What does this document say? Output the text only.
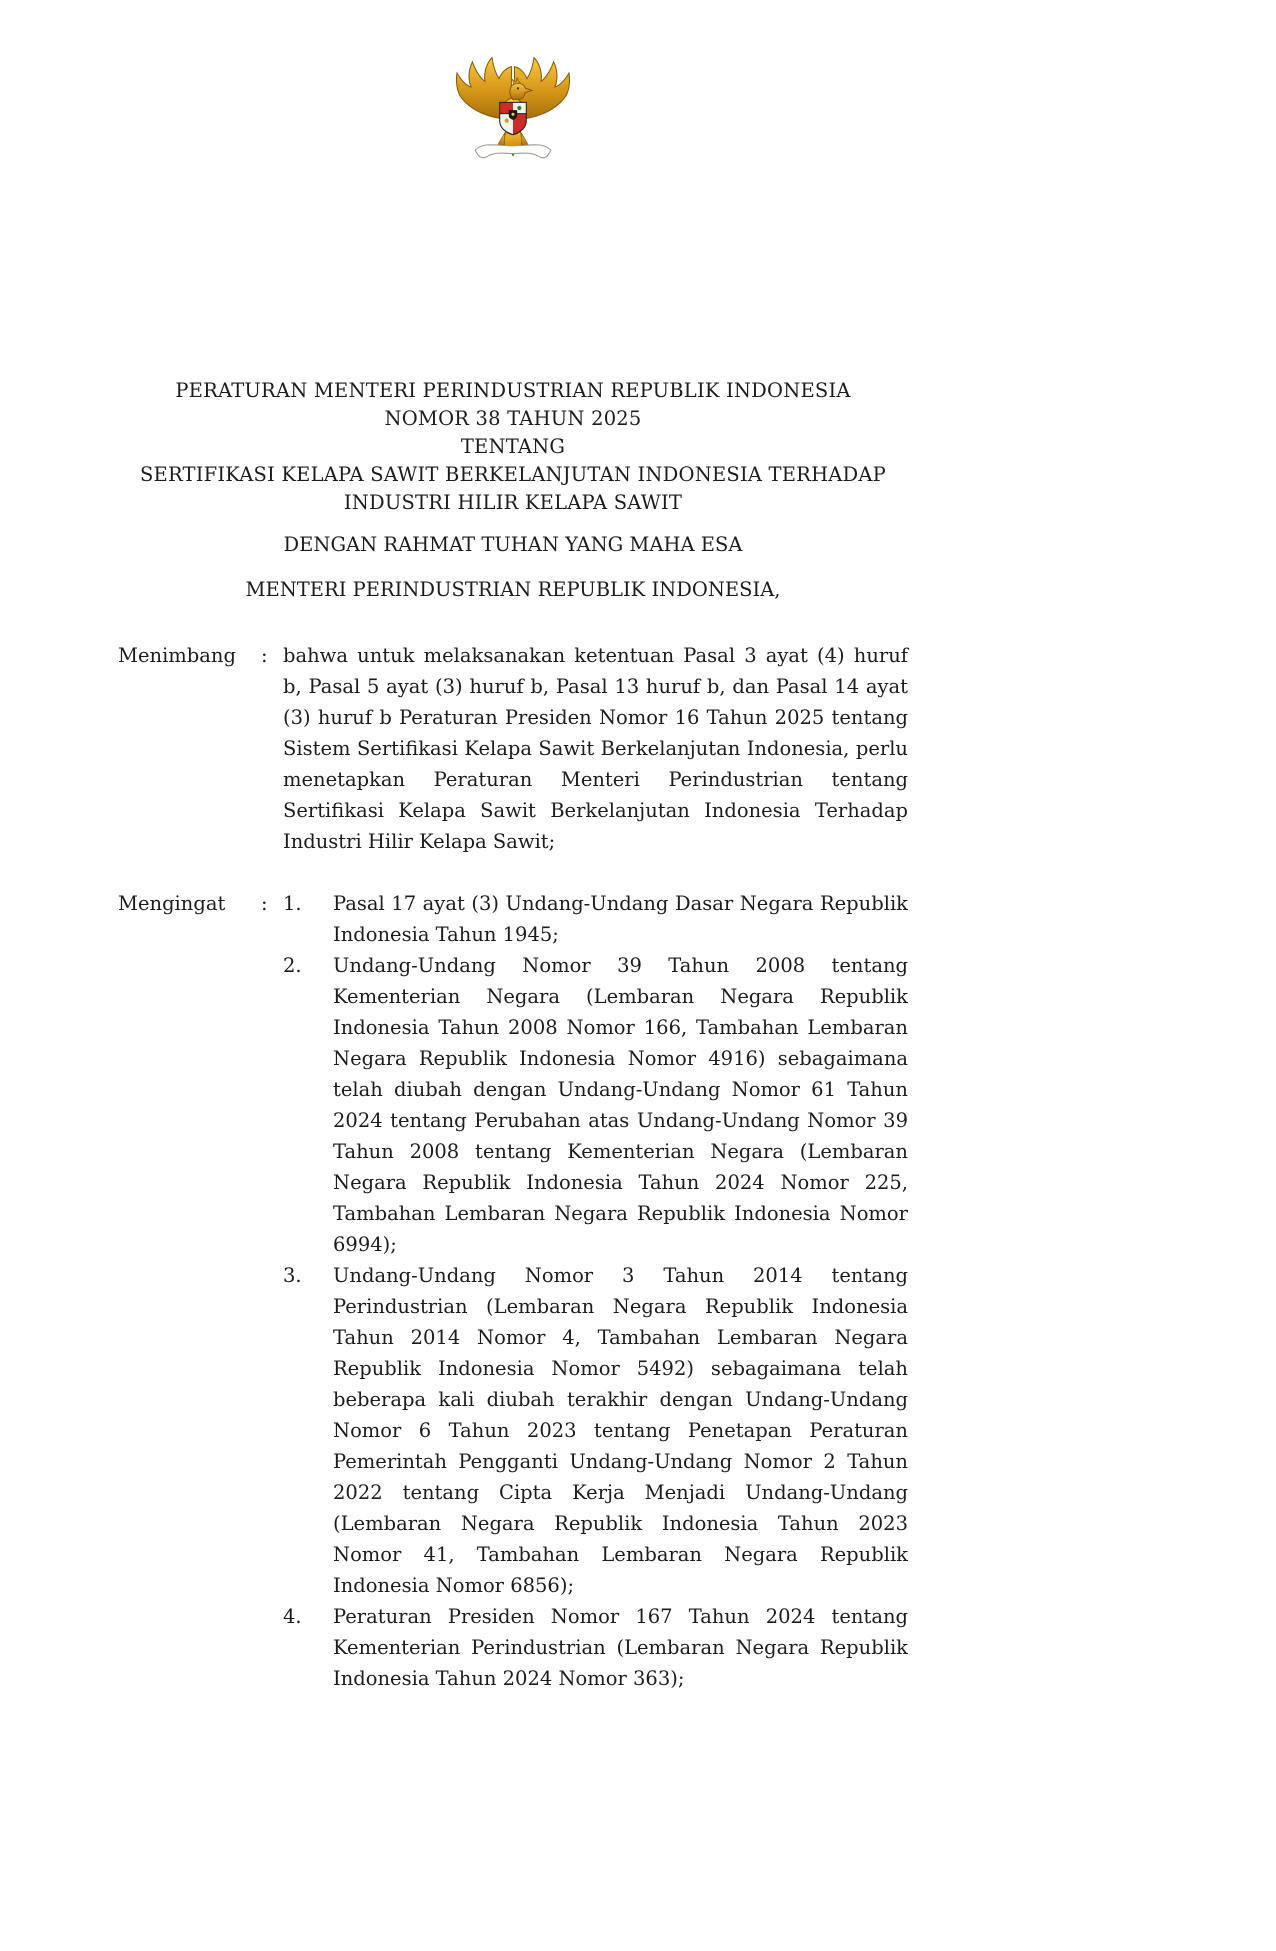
PERATURAN MENTERI PERINDUSTRIAN REPUBLIK INDONESIA
NOMOR 38 TAHUN 2025
TENTANG
SERTIFIKASI KELAPA SAWIT BERKELANJUTAN INDONESIA TERHADAP
INDUSTRI HILIR KELAPA SAWIT
DENGAN RAHMAT TUHAN YANG MAHA ESA
MENTERI PERINDUSTRIAN REPUBLIK INDONESIA,
Menimbang	: bahwa untuk melaksanakan ketentuan Pasal 3 ayat (4) huruf b, Pasal 5 ayat (3) huruf b, Pasal 13 huruf b, dan Pasal 14 ayat (3) huruf b Peraturan Presiden Nomor 16 Tahun 2025 tentang Sistem Sertifikasi Kelapa Sawit Berkelanjutan Indonesia, perlu menetapkan Peraturan Menteri Perindustrian tentang Sertifikasi Kelapa Sawit Berkelanjutan Indonesia Terhadap Industri Hilir Kelapa Sawit;
Mengingat	: 1.	Pasal 17 ayat (3) Undang-Undang Dasar Negara Republik Indonesia Tahun 1945;
2.	Undang-Undang Nomor 39 Tahun 2008 tentang Kementerian Negara (Lembaran Negara Republik Indonesia Tahun 2008 Nomor 166, Tambahan Lembaran Negara Republik Indonesia Nomor 4916) sebagaimana telah diubah dengan Undang-Undang Nomor 61 Tahun 2024 tentang Perubahan atas Undang-Undang Nomor 39 Tahun 2008 tentang Kementerian Negara (Lembaran Negara Republik Indonesia Tahun 2024 Nomor 225, Tambahan Lembaran Negara Republik Indonesia Nomor 6994);
3.	Undang-Undang Nomor 3 Tahun 2014 tentang Perindustrian (Lembaran Negara Republik Indonesia Tahun 2014 Nomor 4, Tambahan Lembaran Negara Republik Indonesia Nomor 5492) sebagaimana telah beberapa kali diubah terakhir dengan Undang-Undang Nomor 6 Tahun 2023 tentang Penetapan Peraturan Pemerintah Pengganti Undang-Undang Nomor 2 Tahun 2022 tentang Cipta Kerja Menjadi Undang-Undang (Lembaran Negara Republik Indonesia Tahun 2023 Nomor 41, Tambahan Lembaran Negara Republik Indonesia Nomor 6856);
4.	Peraturan Presiden Nomor 167 Tahun 2024 tentang Kementerian Perindustrian (Lembaran Negara Republik Indonesia Tahun 2024 Nomor 363);
